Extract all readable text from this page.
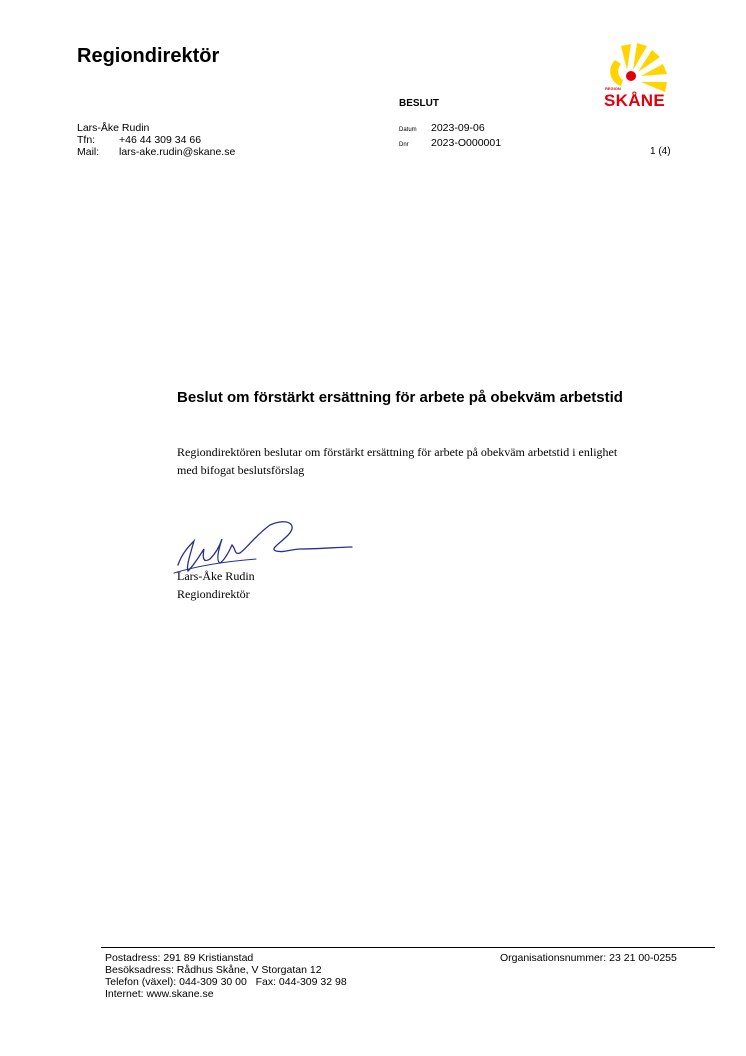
Regiondirektör
REGION
SKÅNE
BESLUT
Lars-Åke Rudin
Tfn:	+46 44 309 34 66
Mail:	lars-ake.rudin@skane.se
Datum	2023-09-06
Dnr	2023-O000001
1 (4)
Beslut om förstärkt ersättning för arbete på obekväm arbetstid
Regiondirektören beslutar om förstärkt ersättning för arbete på obekväm arbetstid i enlighet med bifogat beslutsförslag
Lars-Åke Rudin
Regiondirektör
Postadress: 291 89 Kristianstad
Besöksadress: Rådhus Skåne, V Storgatan 12
Telefon (växel): 044-309 30 00   Fax: 044-309 32 98
Internet: www.skane.se
Organisationsnummer: 23 21 00-0255
